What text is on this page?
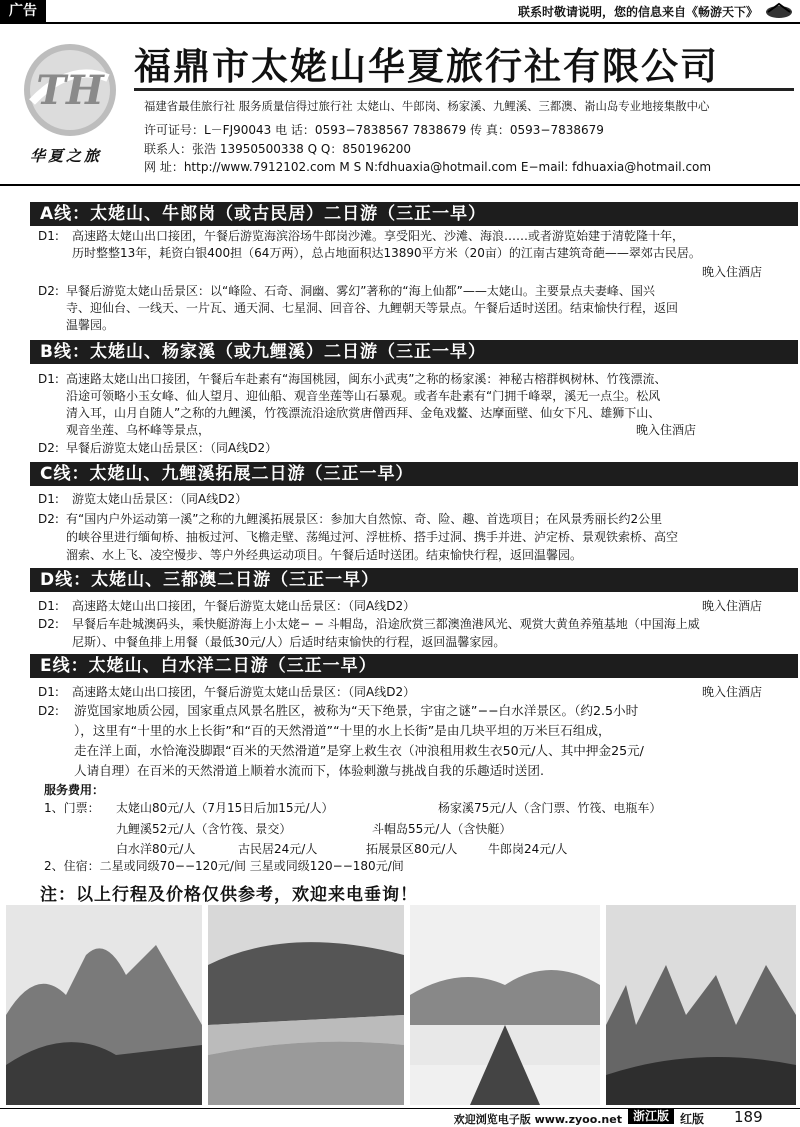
广告	联系时敬请说明，您的信息来自《畅游天下》
TH
华夏之旅
福鼎市太姥山华夏旅行社有限公司
福建省最佳旅行社 服务质量信得过旅行社 太姥山、牛郎岗、杨家溪、九鲤溪、三都澳、嵛山岛专业地接集散中心
许可证号：L－FJ90043 电 话：0593−7838567 7838679 传 真：0593−7838679
联系人：张浩 13950500338 Q Q：850196200
网 址：http://www.7912102.com M S N:fdhuaxia@hotmail.com E−mail: fdhuaxia@hotmail.com
A线：太姥山、牛郎岗（或古民居）二日游（三正一早）
D1: 高速路太姥山出口接团，午餐后游览海滨浴场牛郎岗沙滩。享受阳光、沙滩、海浪……或者游览始建于清乾隆十年，
历时整整13年，耗资白银400担（64万两），总占地面积达13890平方米（20亩）的江南古建筑奇葩——翠郊古民居。
晚入住酒店
D2: 早餐后游览太姥山岳景区：以“峰险、石奇、洞幽、雾幻”著称的“海上仙都”——太姥山。主要景点夫妻峰、国兴
寺、迎仙台、一线天、一片瓦、通天洞、七星洞、回音谷、九鲤朝天等景点。午餐后适时送团。结束愉快行程，返回
温馨园。
B线：太姥山、杨家溪（或九鲤溪）二日游（三正一早）
D1: 高速路太姥山出口接团，午餐后车赴素有“海国桃园，闽东小武夷”之称的杨家溪：神秘古榕群枫树林、竹筏漂流、
沿途可领略小玉女峰、仙人望月、迎仙船、观音坐莲等山石暴观。或者车赴素有“门拥千峰翠，溪无一点尘。松风
清入耳，山月自随人”之称的九鲤溪，竹筏漂流沿途欣赏唐僧西拜、金龟戏鳌、达摩面壁、仙女下凡、雄狮下山、
观音坐莲、乌杯峰等景点，	晚入住酒店
D2: 早餐后游览太姥山岳景区：（同A线D2）
C线：太姥山、九鲤溪拓展二日游（三正一早）
D1: 游览太姥山岳景区：（同A线D2）
D2: 有“国内户外运动第一溪”之称的九鲤溪拓展景区：参加大自然惊、奇、险、趣、首选项目；在风景秀丽长约2公里
的峡谷里进行缅甸桥、抽板过河、飞檐走壁、荡绳过河、浮桩桥、搭手过洞、携手并进、泸定桥、景观铁索桥、高空
溜索、水上飞、凌空慢步、等户外经典运动项目。午餐后适时送团。结束愉快行程，返回温馨园。
D线：太姥山、三都澳二日游（三正一早）
D1: 高速路太姥山出口接团，午餐后游览太姥山岳景区：（同A线D2）	晚入住酒店
D2: 早餐后车赴城澳码头，乘快艇游海上小太姥− − 斗帽岛，沿途欣赏三都澳渔港风光、观赏大黄鱼养殖基地（中国海上威
尼斯）、中餐鱼排上用餐（最低30元/人）后适时结束愉快的行程，返回温馨家园。
E线：太姥山、白水洋二日游（三正一早）
D1: 高速路太姥山出口接团，午餐后游览太姥山岳景区：（同A线D2）	晚入住酒店
D2: 游览国家地质公园，国家重点风景名胜区，被称为“天下绝景，宇宙之谜”−−白水洋景区。（约2.5小时
），这里有“十里的水上长街”和“百的天然滑道”“十里的水上长街”是由几块平坦的万米巨石组成，
走在洋上面，水恰淹没脚跟“百米的天然滑道”是穿上救生衣（冲浪租用救生衣50元/人、其中押金25元/
人请自理）在百米的天然滑道上顺着水流而下，体验刺激与挑战自我的乐趣适时送团.
服务费用：
1、门票： 太姥山80元/人（7月15日后加15元/人）	杨家溪75元/人（含门票、竹筏、电瓶车）
九鲤溪52元/人（含竹筏、景交）	斗帽岛55元/人（含快艇）
白水洋80元/人	古民居24元/人	拓展景区80元/人	牛郎岗24元/人
2、住宿：二星或同级70−−120元/间 三星或同级120−−180元/间
注：以上行程及价格仅供参考，欢迎来电垂询！
欢迎浏览电子版 www.zyoo.net 浙江版 红版 189
